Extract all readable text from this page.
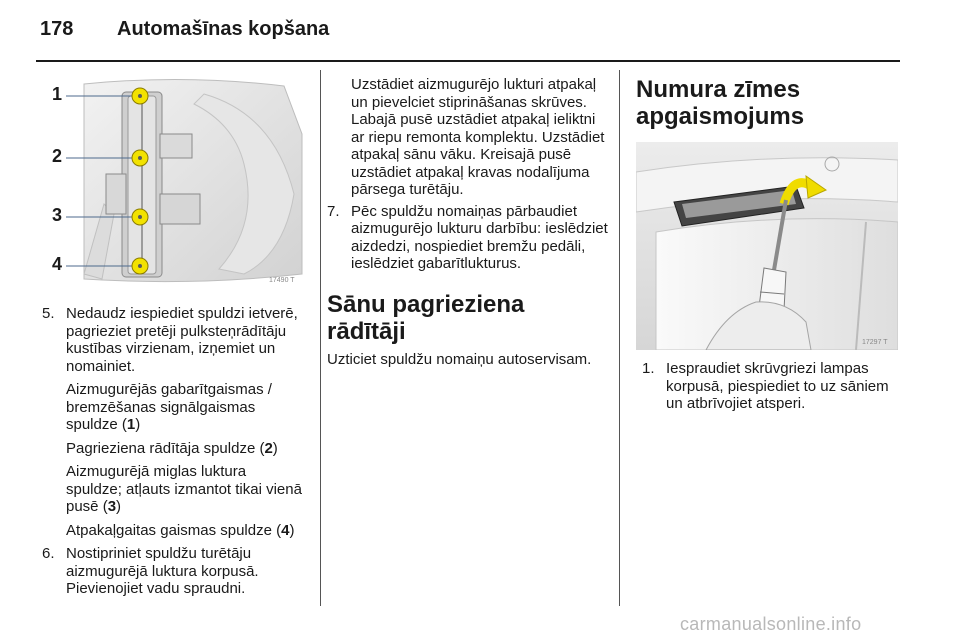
178 Automašīnas kopšana
17490 T
1
2
3
4
5. Nedaudz iespiediet spuldzi ietverē, pagrieziet pretēji pulksteņrādītāju kustības virzienam, izņemiet un nomainiet.
Aizmugurējās gabarītgaismas / bremzēšanas signālgaismas spuldze (1)
Pagrieziena rādītāja spuldze (2)
Aizmugurējā miglas luktura spuldze; atļauts izmantot tikai vienā pusē (3)
Atpakaļgaitas gaismas spuldze (4)
6. Nostipriniet spuldžu turētāju aizmugurējā luktura korpusā. Pievienojiet vadu spraudni.
Uzstādiet aizmugurējo lukturi atpakaļ un pievelciet stiprināšanas skrūves. Labajā pusē uzstādiet atpakaļ ieliktni ar riepu remonta komplektu. Uzstādiet atpakaļ sānu vāku. Kreisajā pusē uzstādiet atpakaļ kravas nodalījuma pārsega turētāju.
7. Pēc spuldžu nomaiņas pārbaudiet aizmugurējo lukturu darbību: ieslēdziet aizdedzi, nospiediet bremžu pedāli, ieslēdziet gabarītlukturus.
Sānu pagrieziena rādītāji

Uzticiet spuldžu nomaiņu autoservisam.

Numura zīmes apgaismojums
17297 T
1. Iespraudiet skrūvgriezi lampas korpusā, piespiediet to uz sāniem un atbrīvojiet atsperi.
carmanualsonline.info
